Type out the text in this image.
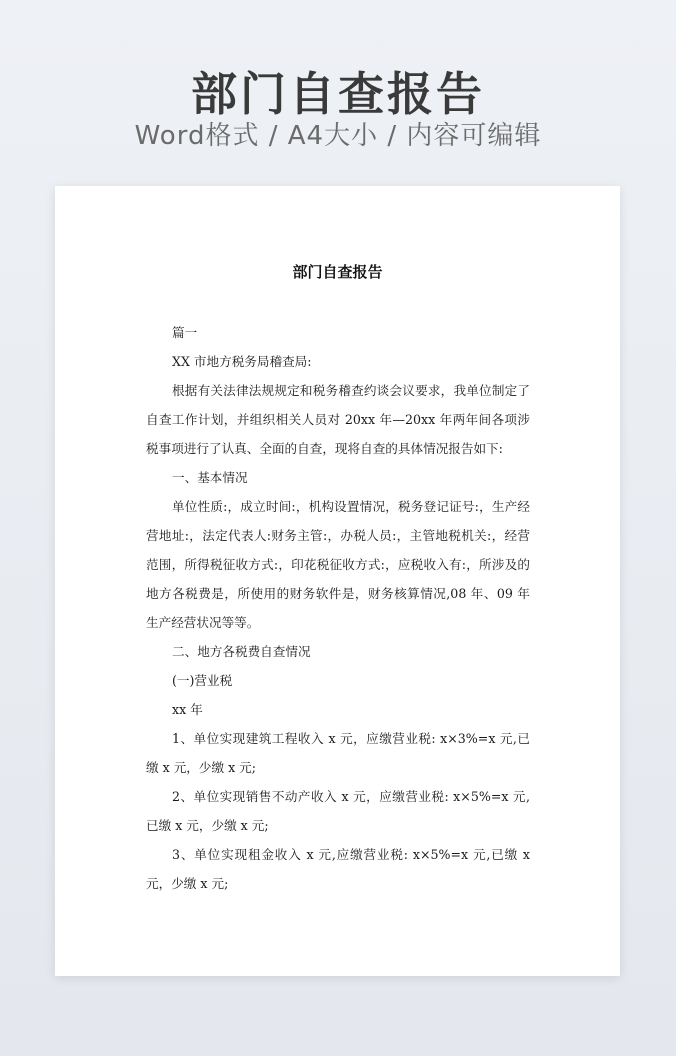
部门自查报告
Word格式 / A4大小 / 内容可编辑
部门自查报告

篇一

XX 市地方税务局稽查局:

根据有关法律法规规定和税务稽查约谈会议要求，我单位制定了自查工作计划，并组织相关人员对 20xx 年—20xx 年两年间各项涉税事项进行了认真、全面的自查，现将自查的具体情况报告如下:

一、基本情况

单位性质:，成立时间:，机构设置情况，税务登记证号:，生产经营地址:，法定代表人:财务主管:，办税人员:，主管地税机关:，经营范围，所得税征收方式:，印花税征收方式:，应税收入有:，所涉及的地方各税费是，所使用的财务软件是，财务核算情况,08 年、09 年生产经营状况等等。

二、地方各税费自查情况

(一)营业税

xx 年

1、单位实现建筑工程收入 x 元，应缴营业税: x×3%=x 元,已缴 x 元，少缴 x 元;

2、单位实现销售不动产收入 x 元，应缴营业税: x×5%=x 元,已缴 x 元，少缴 x 元;

3、单位实现租金收入 x 元,应缴营业税: x×5%=x 元,已缴 x 元，少缴 x 元;
